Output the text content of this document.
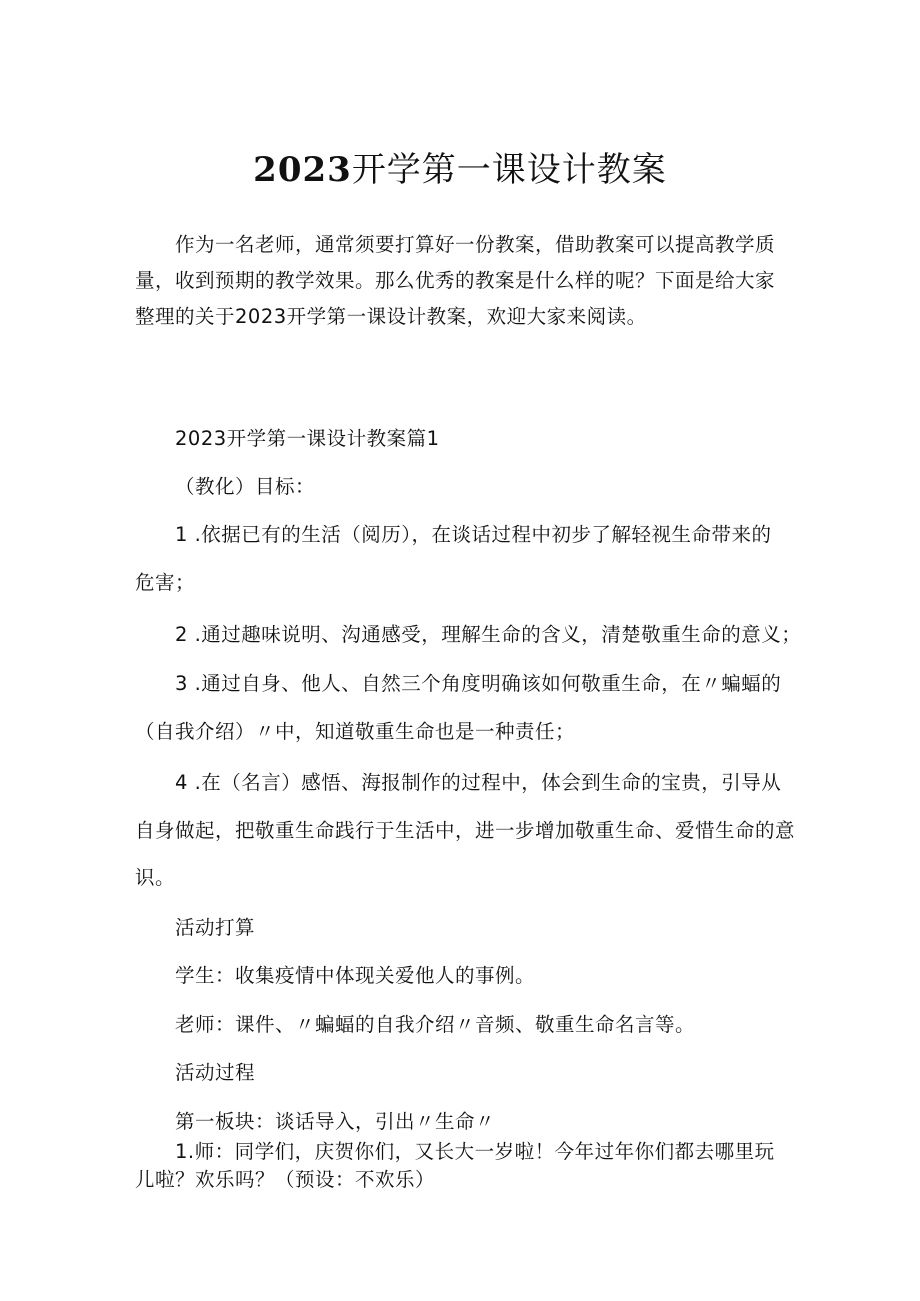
2023开学第一课设计教案

作为一名老师，通常须要打算好一份教案，借助教案可以提高教学质量，收到预期的教学效果。那么优秀的教案是什么样的呢？下面是给大家整理的关于2023开学第一课设计教案，欢迎大家来阅读。

2023开学第一课设计教案篇1

（教化）目标：

1 .依据已有的生活（阅历），在谈话过程中初步了解轻视生命带来的

危害；

2 .通过趣味说明、沟通感受，理解生命的含义，清楚敬重生命的意义；

3 .通过自身、他人、自然三个角度明确该如何敬重生命，在〃蝙蝠的

（自我介绍）〃中，知道敬重生命也是一种责任；

4 .在（名言）感悟、海报制作的过程中，体会到生命的宝贵，引导从

自身做起，把敬重生命践行于生活中，进一步增加敬重生命、爱惜生命的意

识。

活动打算

学生：收集疫情中体现关爱他人的事例。

老师：课件、〃蝙蝠的自我介绍〃音频、敬重生命名言等。

活动过程

第一板块：谈话导入，引出〃生命〃

1.师：同学们，庆贺你们，又长大一岁啦！今年过年你们都去哪里玩

儿啦？欢乐吗？（预设：不欢乐）
